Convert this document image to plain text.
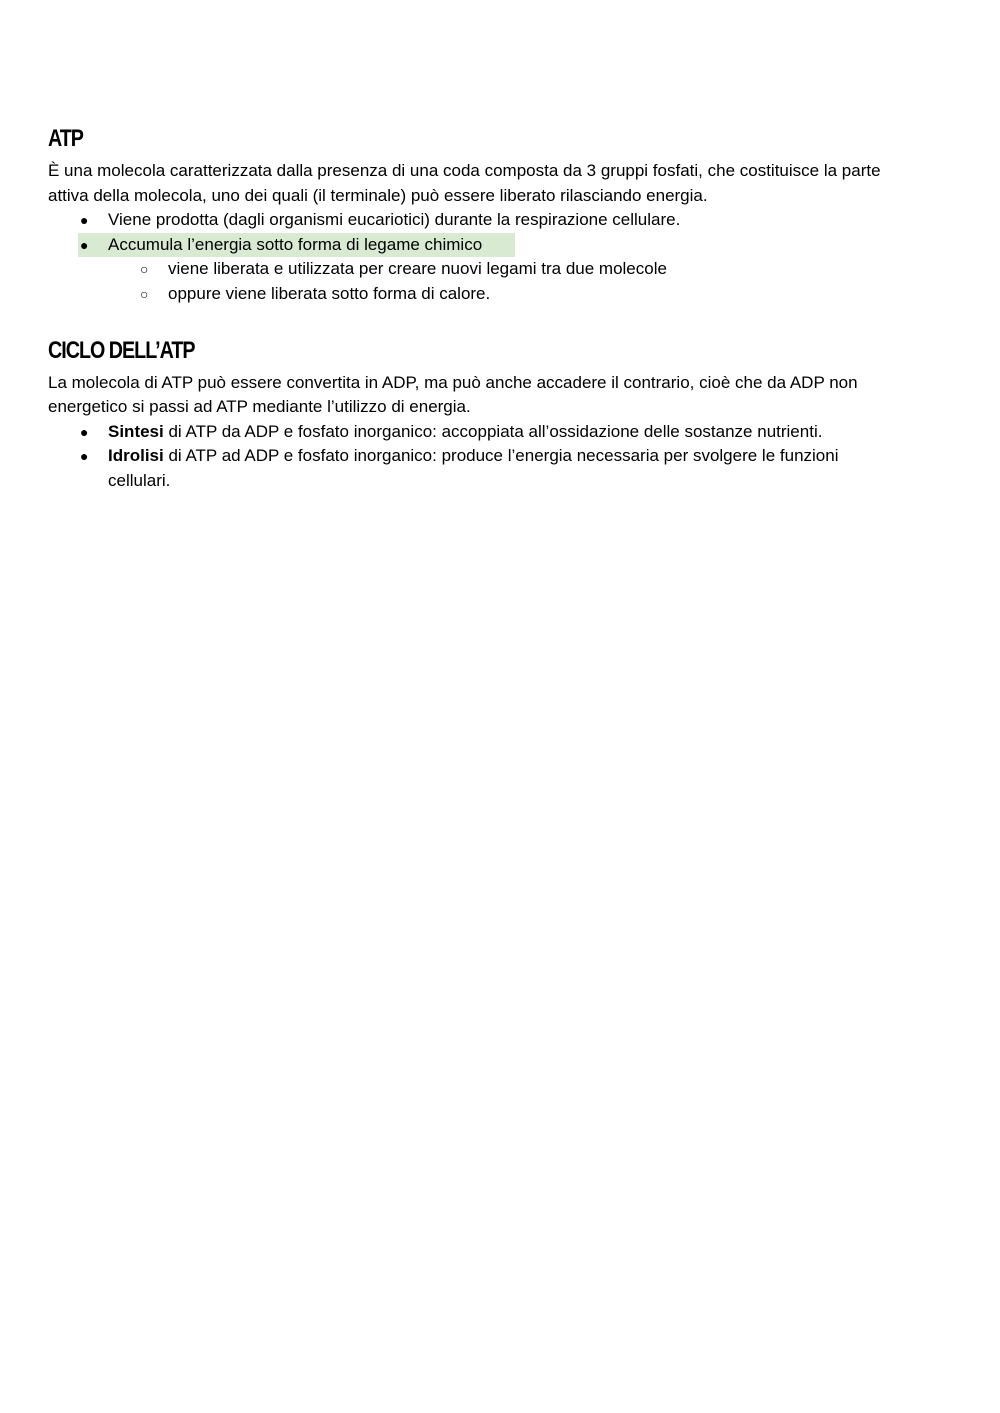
ATP
È una molecola caratterizzata dalla presenza di una coda composta da 3 gruppi fosfati, che costituisce la parte
attiva della molecola, uno dei quali (il terminale) può essere liberato rilasciando energia.
● Viene prodotta (dagli organismi eucariotici) durante la respirazione cellulare.
● Accumula l’energia sotto forma di legame chimico
○ viene liberata e utilizzata per creare nuovi legami tra due molecole
○ oppure viene liberata sotto forma di calore.
CICLO DELL’ATP
La molecola di ATP può essere convertita in ADP, ma può anche accadere il contrario, cioè che da ADP non
energetico si passi ad ATP mediante l’utilizzo di energia.
● Sintesi di ATP da ADP e fosfato inorganico: accoppiata all’ossidazione delle sostanze nutrienti.
● Idrolisi di ATP ad ADP e fosfato inorganico: produce l’energia necessaria per svolgere le funzioni
cellulari.
